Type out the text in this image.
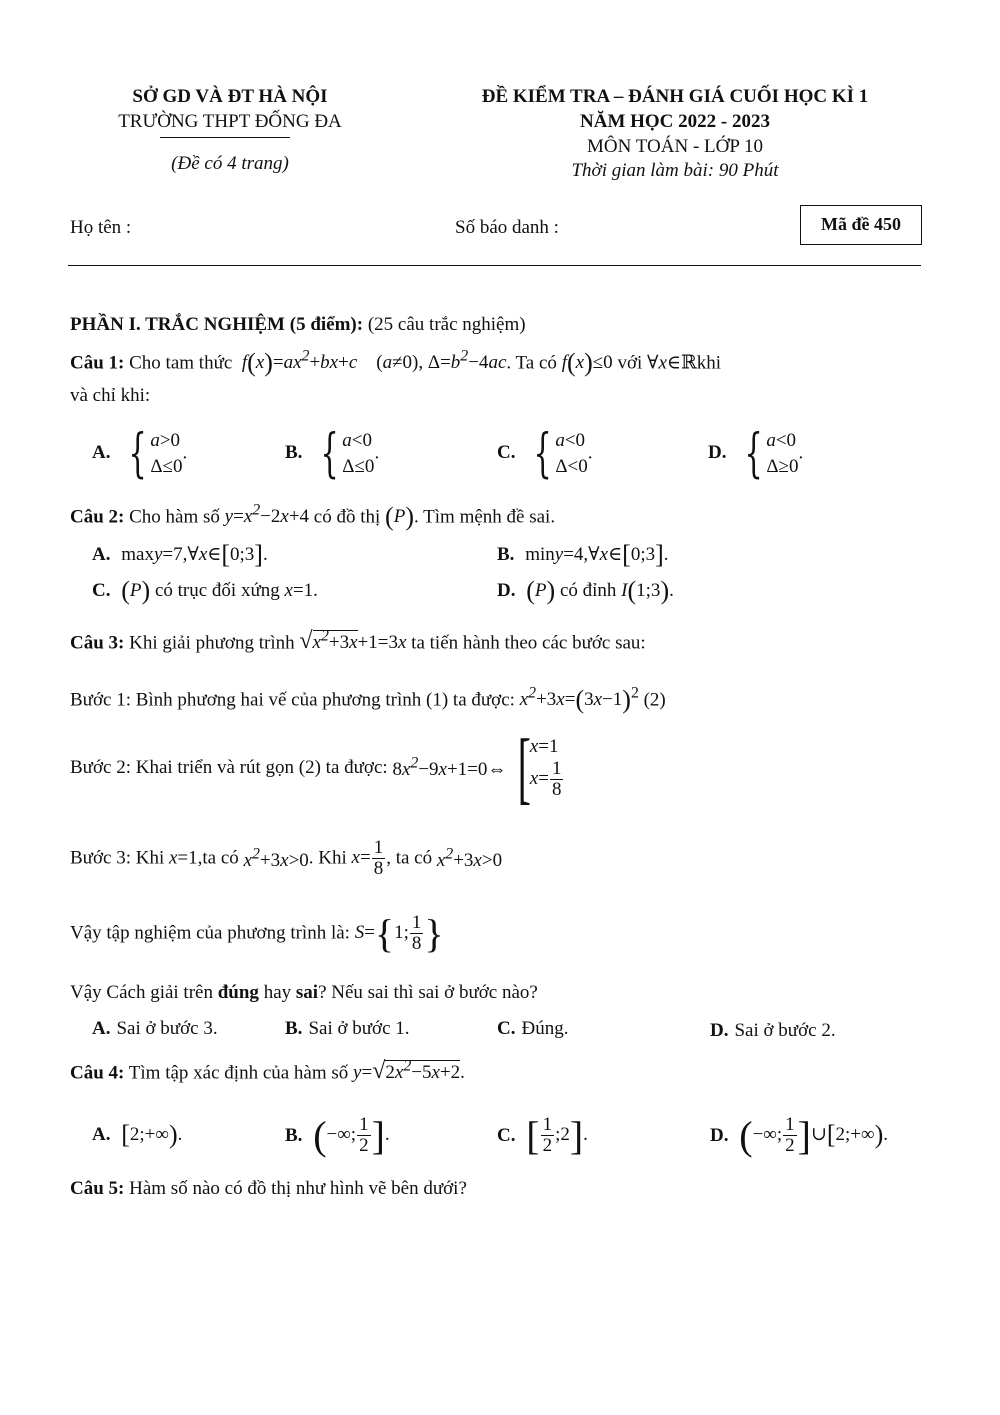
SỞ GD VÀ ĐT HÀ NỘI
TRƯỜNG THPT ĐỐNG ĐA
(Đề có 4 trang)
ĐỀ KIỂM TRA – ĐÁNH GIÁ CUỐI HỌC KÌ 1
NĂM HỌC 2022 - 2023
MÔN TOÁN - LỚP 10
Thời gian làm bài: 90 Phút
Họ tên :	Số báo danh :	Mã đề 450
PHẦN I. TRẮC NGHIỆM (5 điểm): (25 câu trắc nghiệm)
Câu 1: Cho tam thức  $f(x)=ax^2+bx+c$    (a≠0), $\Delta=b^2-4ac$. Ta có f(x)≤0 với ∀x∈ℝkhi
và chỉ khi:
A. { a>0
Δ≤0
.	B. { a<0
Δ≤0
.	C. { a<0
Δ<0
.	D. { a<0
Δ≥0
.
Câu 2: Cho hàm số $y=x^2-2x+4$ có đồ thị (P). Tìm mệnh đề sai.
A. maxy=7,∀x∈[0;3].	B. miny=4,∀x∈[0;3].
C. (P) có trục đối xứng x=1.	D. (P) có đỉnh I(1;3).
Câu 3: Khi giải phương trình $√x^2+3x+1=3x$ ta tiến hành theo các bước sau:
Bước 1: Bình phương hai vế của phương trình (1) ta được: $x^2+3x=(3x-1)^2$ (2)
Bước 2: Khai triển và rút gọn (2) ta được: $8x^2-9x+1=0\Leftrightarrow$ [
x=1
$x= \frac{1}{8}$
Bước 3: Khi x=1,ta có $x^2+3x>0$. Khi $x= \frac{1}{8}$ , ta có $x^2+3x>0$
Vậy tập nghiệm của phương trình là: S={1; $\frac{1}{8}$ }
Vậy Cách giải trên đúng hay sai? Nếu sai thì sai ở bước nào?
A. Sai ở bước 3.	B. Sai ở bước 1.	C. Đúng.	D. Sai ở bước 2.
Câu 4: Tìm tập xác định của hàm số $y=√2x^2-5x+2$.
A. [2;+∞).	B. (−∞; $\frac{1}{2}$ ].	C. [ $\frac{1}{2}$ ;2].	D. (−∞; $\frac{1}{2}$ ]∪[2;+∞).
Câu 5: Hàm số nào có đồ thị như hình vẽ bên dưới?
